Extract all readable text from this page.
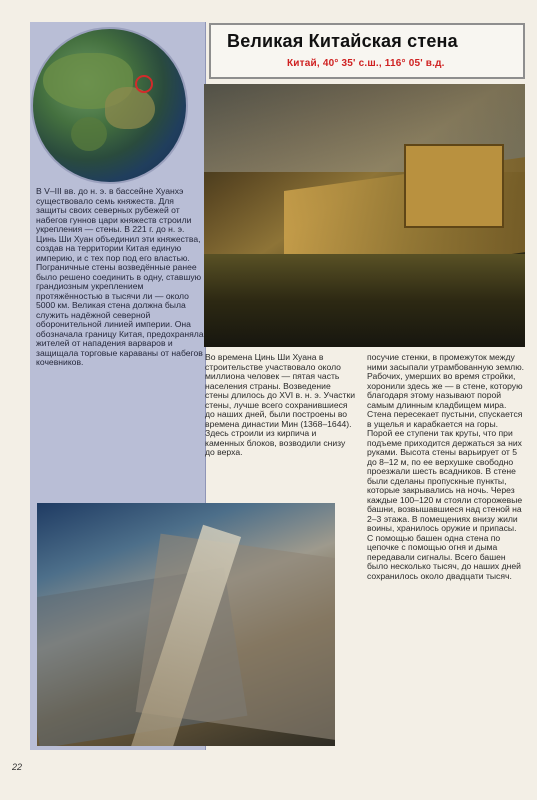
Великая Китайская стена
Китай, 40° 35' с.ш., 116° 05' в.д.

В V–III вв. до н. э. в бассейне Хуанхэ существовало семь княжеств. Для защиты своих северных рубежей от набегов гуннов цари княжеств строили укрепления — стены. В 221 г. до н. э. Цинь Ши Хуан объединил эти княжества, создав на территории Китая единую империю, и с тех пор под его властью. Пограничные стены возведённые ранее было решено соединить в одну, ставшую грандиозным укреплением протяжённостью в тысячи ли — около 5000 км. Великая стена должна была служить надёжной северной оборонительной линией империи. Она обозначала границу Китая, предохраняла жителей от нападения варваров и защищала торговые караваны от набегов кочевников.	Во времена Цинь Ши Хуана в строительстве участвовало около миллиона человек — пятая часть населения страны. Возведение стены длилось до XVI в. н. э. Участки стены, лучше всего сохранившиеся до наших дней, были построены во времена династии Мин (1368–1644). Здесь строили из кирпича и каменных блоков, возводили снизу до верха.

посучие стенки, в промежуток между ними засыпали утрамбованную землю. Рабочих, умерших во время стройки, хоронили здесь же — в стене, которую благодаря этому называют порой самым длинным кладбищем мира. Стена пересекает пустыни, спускается в ущелья и карабкается на горы. Порой ее ступени так круты, что при подъеме приходится держаться за них руками. Высота стены варьирует от 5 до 8–12 м, по ее верхушке свободно проезжали шесть всадников. В стене были сделаны пропускные пункты, которые закрывались на ночь. Через каждые 100–120 м стояли сторожевые башни, возвышавшиеся над стеной на 2–3 этажа. В помещениях внизу жили воины, хранилось оружие и припасы. С помощью башен одна стена по цепочке с помощью огня и дыма передавали сигналы. Всего башен было несколько тысяч, до наших дней сохранилось около двадцати тысяч.

22
